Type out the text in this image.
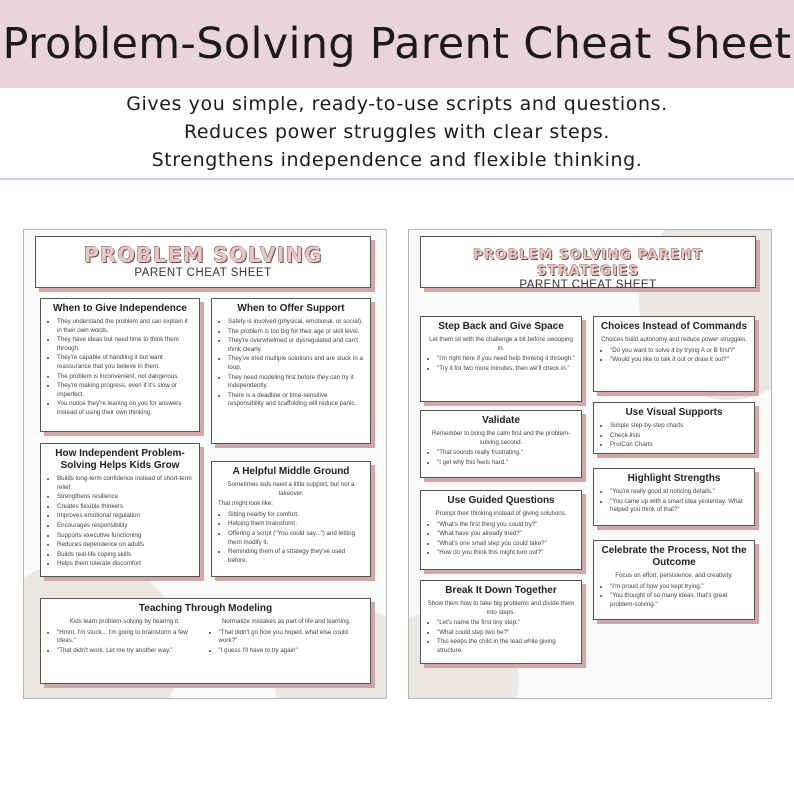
Problem-Solving Parent Cheat Sheet
Gives you simple, ready-to-use scripts and questions.
Reduces power struggles with clear steps.
Strengthens independence and flexible thinking.
PROBLEM SOLVING
PARENT CHEAT SHEET
When to Give Independence
• They understand the problem and can explain it in their own words.
• They have ideas but need time to think them through.
• They're capable of handling it but want reassurance that you believe in them.
• The problem is inconvenient, not dangerous.
• They're making progress, even if it's slow or imperfect.
• You notice they're leaning on you for answers instead of using their own thinking.
When to Offer Support
• Safety is involved (physical, emotional, or social).
• The problem is too big for their age or skill level.
• They're overwhelmed or dysregulated and can't think clearly.
• They've tried multiple solutions and are stuck in a loop.
• They need modeling first before they can try it independently.
• There is a deadline or time-sensitive responsibility and scaffolding will reduce panic.
How Independent Problem-Solving Helps Kids Grow
• Builds long-term confidence instead of short-term relief
• Strengthens resilience
• Creates flexible thinkers
• Improves emotional regulation
• Encourages responsibility
• Supports executive functioning
• Reduces dependence on adults
• Builds real-life coping skills
• Helps them tolerate discomfort
A Helpful Middle Ground

Sometimes kids need a little support, but not a takeover.

That might look like:
• Sitting nearby for comfort.
• Helping them brainstorm.
• Offering a script ("You could say...") and letting them modify it.
• Reminding them of a strategy they've used before.
Teaching Through Modeling

Kids learn problem-solving by hearing it.

• "Hmm, I'm stuck... I'm going to brainstorm a few ideas."
• "That didn't work. Let me try another way."

Normalize mistakes as part of life and learning.

• "That didn't go how you hoped, what else could work?"
• "I guess I'll have to try again"
PROBLEM SOLVING PARENT STRATEGIES
PARENT CHEAT SHEET
Step Back and Give Space

Let them sit with the challenge a bit before swooping in.

• "I'm right here if you need help thinking it through."
• "Try it for two more minutes, then we'll check in."
Choices Instead of Commands

Choices build autonomy and reduce power struggles.

• "Do you want to solve it by trying A or B first?"
• "Would you like to talk it out or draw it out?"
Validate

Remember to bring the calm first and the problem-solving second.

• "That sounds really frustrating."
• "I get why this feels hard."
Use Visual Supports
• Simple step-by-step charts
• Check-lists
• Pro/Con Charts
Highlight Strengths
• "You're really good at noticing details."
• "You came up with a smart idea yesterday. What helped you think of that?"
Use Guided Questions

Prompt their thinking instead of giving solutions.

• "What's the first thing you could try?"
• "What have you already tried?"
• "What's one small step you could take?"
• "How do you think this might turn out?"	Celebrate the Process, Not the Outcome

Focus on effort, persistence, and creativity.

• "I'm proud of how you kept trying."
• "You thought of so many ideas, that's great problem-solving."
Break It Down Together

Show them how to take big problems and divide them into steps.

• "Let's name the first tiny step."
• "What could step two be?"
• This keeps the child in the lead while giving structure.
